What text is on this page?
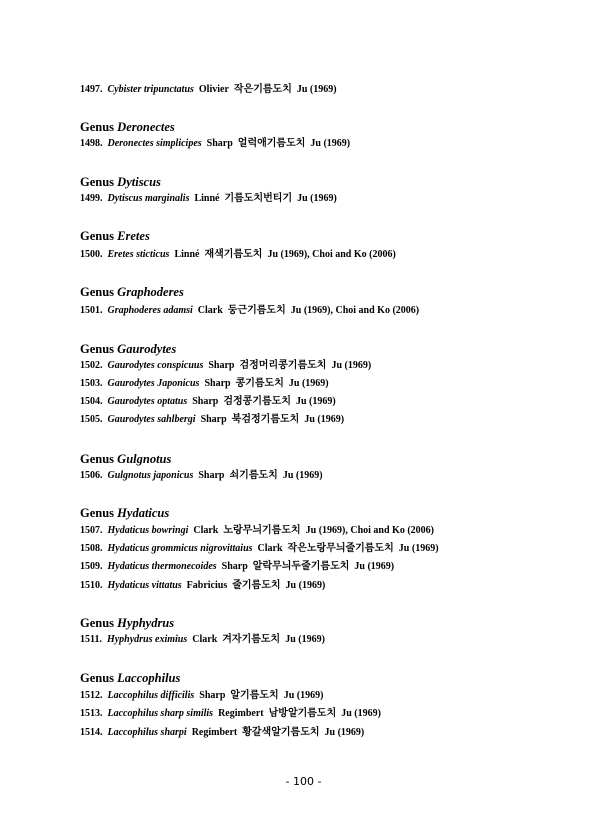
1497. Cybister tripunctatus Olivier 작은기름도치 Ju (1969)
Genus Deronectes
1498. Deronectes simplicipes Sharp 얼럭애기름도치 Ju (1969)
Genus Dytiscus
1499. Dytiscus marginalis Linné 기름도치번티기 Ju (1969)
Genus Eretes
1500. Eretes sticticus Linné 재색기름도치 Ju (1969), Choi and Ko (2006)
Genus Graphoderes
1501. Graphoderes adamsi Clark 둥근기름도치 Ju (1969), Choi and Ko (2006)
Genus Gaurodytes
1502. Gaurodytes conspicuus Sharp 검정머리콩기름도치 Ju (1969)
1503. Gaurodytes Japonicus Sharp 콩기름도치 Ju (1969)
1504. Gaurodytes optatus Sharp 검정콩기름도치 Ju (1969)
1505. Gaurodytes sahlbergi Sharp 북검정기름도치 Ju (1969)
Genus Gulgnotus
1506. Gulgnotus japonicus Sharp 쇠기름도치 Ju (1969)
Genus Hydaticus
1507. Hydaticus bowringi Clark 노랑무늬기름도치 Ju (1969), Choi and Ko (2006)
1508. Hydaticus grommicus nigrovittaius Clark 작은노랑무늬줄기름도치 Ju (1969)
1509. Hydaticus thermonecoides Sharp 알락무늬두줄기름도치 Ju (1969)
1510. Hydaticus vittatus Fabricius 줄기름도치 Ju (1969)
Genus Hyphydrus
1511. Hyphydrus eximius Clark 겨자기름도치 Ju (1969)
Genus Laccophilus
1512. Laccophilus difficilis Sharp 알기름도치 Ju (1969)
1513. Laccophilus sharp similis Regimbert 남방알기름도치 Ju (1969)
1514. Laccophilus sharpi Regimbert 황갈색알기름도치 Ju (1969)
- 100 -
